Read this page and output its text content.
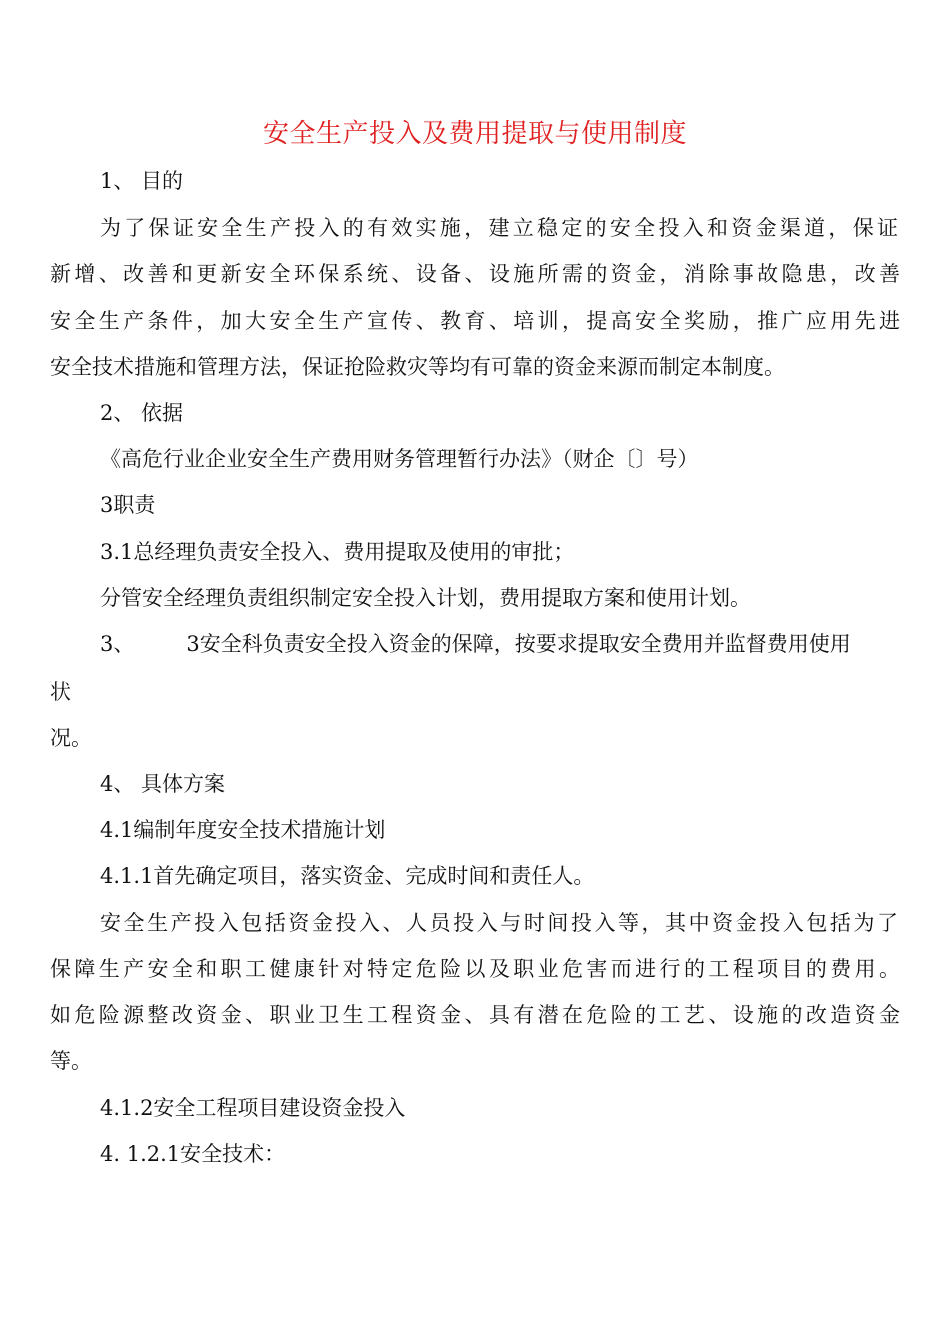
安全生产投入及费用提取与使用制度

1、 目的

为了保证安全生产投入的有效实施，建立稳定的安全投入和资金渠道，保证

新增、改善和更新安全环保系统、设备、设施所需的资金，消除事故隐患，改善

安全生产条件，加大安全生产宣传、教育、培训，提高安全奖励，推广应用先进

安全技术措施和管理方法，保证抢险救灾等均有可靠的资金来源而制定本制度。

2、 依据

《高危行业企业安全生产费用财务管理暂行办法》（财企〔〕号）

3职责

3.1总经理负责安全投入、费用提取及使用的审批；

分管安全经理负责组织制定安全投入计划，费用提取方案和使用计划。

3、 3安全科负责安全投入资金的保障，按要求提取安全费用并监督费用使用

状

况。

4、 具体方案

4.1编制年度安全技术措施计划

4.1.1首先确定项目，落实资金、完成时间和责任人。

安全生产投入包括资金投入、人员投入与时间投入等，其中资金投入包括为了

保障生产安全和职工健康针对特定危险以及职业危害而进行的工程项目的费用。

如危险源整改资金、职业卫生工程资金、具有潜在危险的工艺、设施的改造资金

等。

4.1.2安全工程项目建设资金投入

4. 1.2.1安全技术：
